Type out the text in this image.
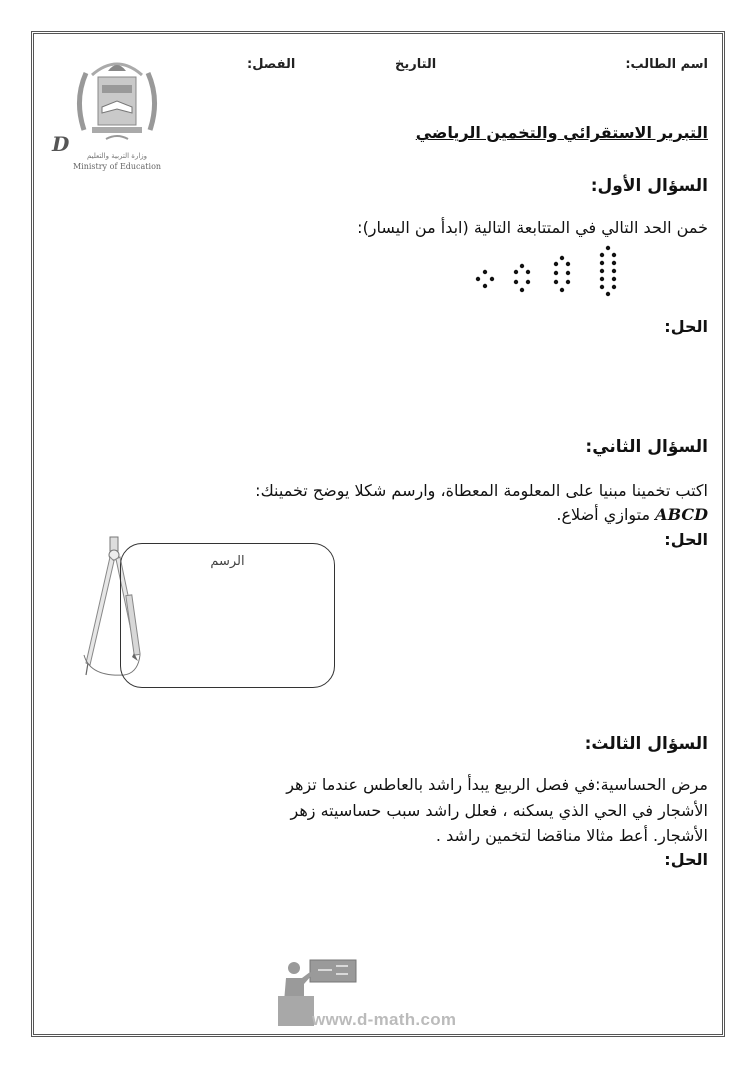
اسم الطالب:
التاريخ
الفصل:
D	وزارة التربية والتعليم
Ministry of Education
التبرير الاستقرائي والتخمين الرياضي
السؤال الأول:
خمن الحد التالي في المتتابعة التالية (ابدأ من اليسار):
الحل:
السؤال الثاني:
اكتب تخمينا مبنيا على المعلومة المعطاة، وارسم شكلا يوضح تخمينك:
ABCD متوازي أضلاع.
الحل:
الرسم
السؤال الثالث:
مرض الحساسية:في فصل الربيع يبدأ راشد بالعاطس عندما تزهر
الأشجار في الحي الذي يسكنه ، فعلل راشد سبب حساسيته زهر
الأشجار. أعط مثالا مناقضا لتخمين راشد .
الحل:
www.d-math.com
